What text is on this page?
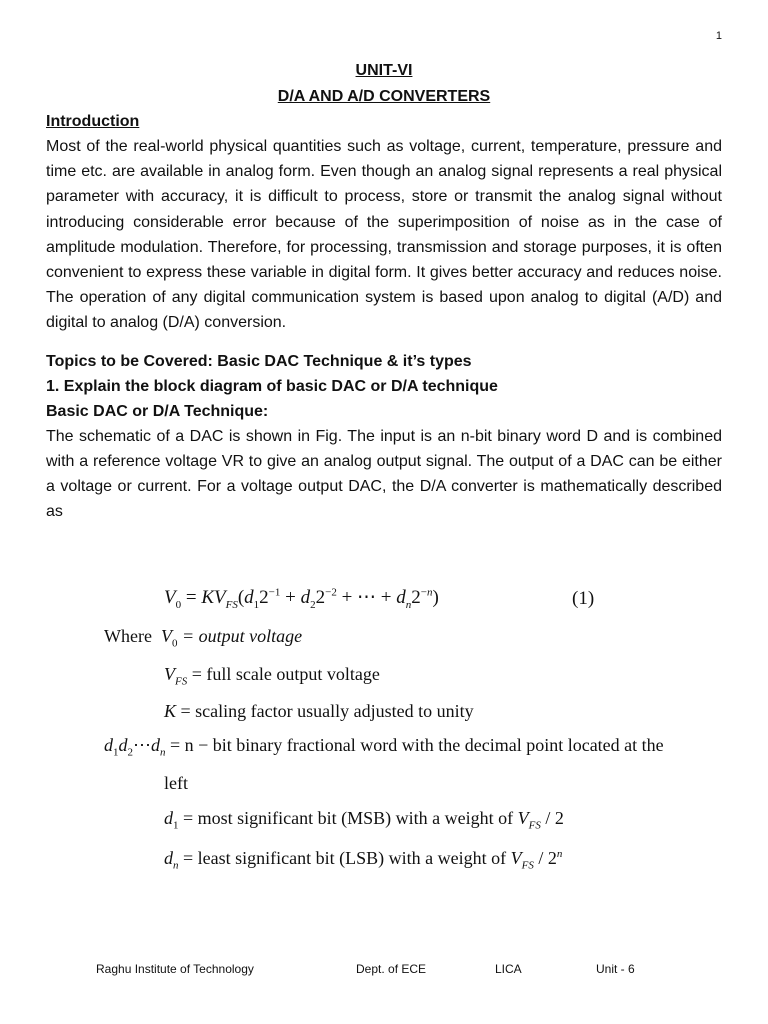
1
UNIT-VI
D/A AND A/D CONVERTERS
Introduction

Most of the real-world physical quantities such as voltage, current, temperature, pressure and time etc. are available in analog form. Even though an analog signal represents a real physical parameter with accuracy, it is difficult to process, store or transmit the analog signal without introducing considerable error because of the superimposition of noise as in the case of amplitude modulation. Therefore, for processing, transmission and storage purposes, it is often convenient to express these variable in digital form. It gives better accuracy and reduces noise. The operation of any digital communication system is based upon analog to digital (A/D) and digital to analog (D/A) conversion.

Topics to be Covered: Basic DAC Technique & it’s types

1. Explain the block diagram of basic DAC or D/A technique

Basic DAC or D/A Technique:

The schematic of a DAC is shown in Fig. The input is an n-bit binary word D and is combined with a reference voltage VR to give an analog output signal. The output of a DAC can be either a voltage or current. For a voltage output DAC, the D/A converter is mathematically described as

$V_0 = KV_{FS}(d_12^{-1} + d_22^{-2}$ + ⋯ + $d_n2^{-n}$)	(1)
Where $V_0$ = output voltage
$V_{FS}$ = full scale output voltage
K = scaling factor usually adjusted to unity
$d_1d_2\cdots d_n = n$ − bit binary fractional word with the decimal point located at the
left
$d_1$ = most significant bit (MSB) with a weight of $V_{FS} / 2$
$d_n$ = least significant bit (LSB) with a weight of $V_{FS} / 2^n$
Raghu Institute of Technology	Dept. of ECE	LICA	Unit - 6
